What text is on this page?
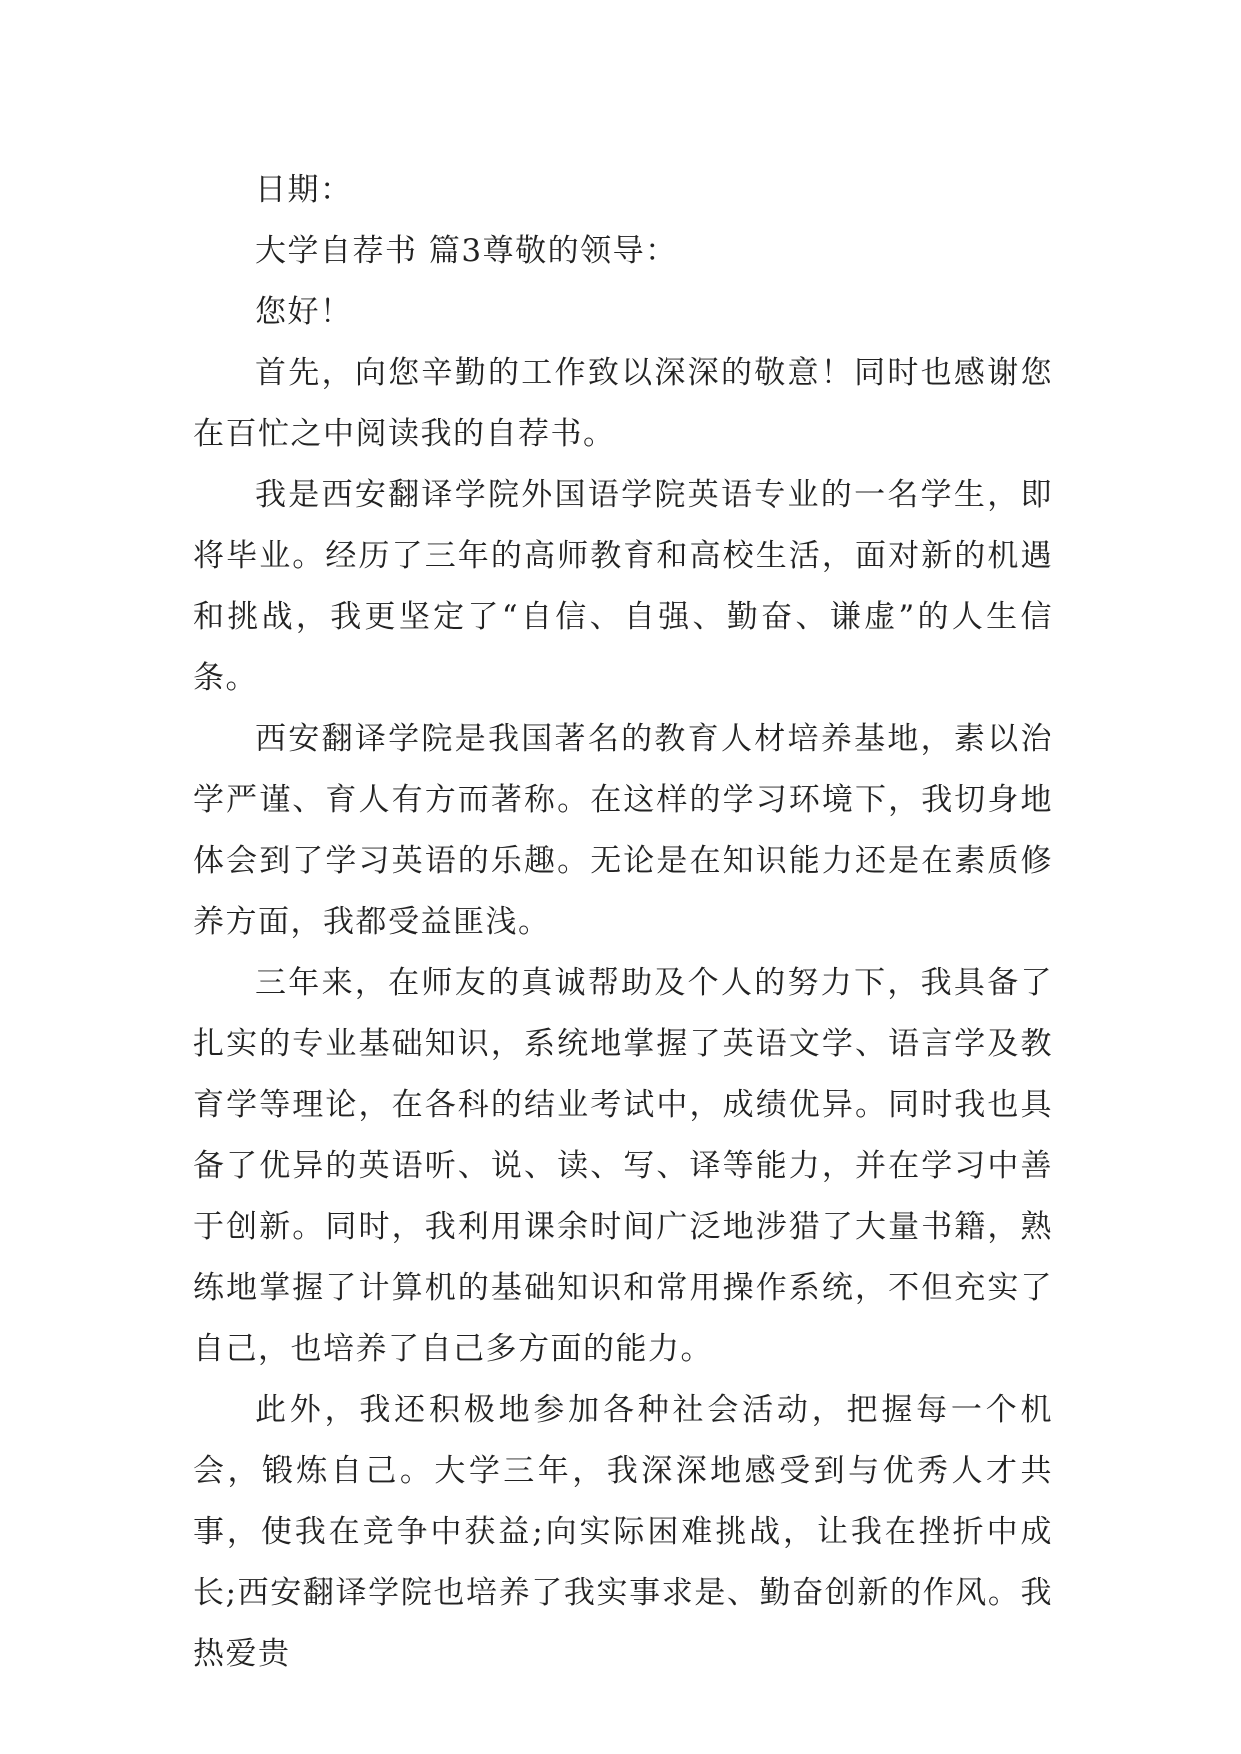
日期：

大学自荐书 篇3尊敬的领导：

您好！

首先，向您辛勤的工作致以深深的敬意！同时也感谢您在百忙之中阅读我的自荐书。

我是西安翻译学院外国语学院英语专业的一名学生，即将毕业。经历了三年的高师教育和高校生活，面对新的机遇和挑战，我更坚定了“自信、自强、勤奋、谦虚”的人生信条。

西安翻译学院是我国著名的教育人材培养基地，素以治学严谨、育人有方而著称。在这样的学习环境下，我切身地体会到了学习英语的乐趣。无论是在知识能力还是在素质修养方面，我都受益匪浅。

三年来，在师友的真诚帮助及个人的努力下，我具备了扎实的专业基础知识，系统地掌握了英语文学、语言学及教育学等理论，在各科的结业考试中，成绩优异。同时我也具备了优异的英语听、说、读、写、译等能力，并在学习中善于创新。同时，我利用课余时间广泛地涉猎了大量书籍，熟练地掌握了计算机的基础知识和常用操作系统，不但充实了自己，也培养了自己多方面的能力。

此外，我还积极地参加各种社会活动，把握每一个机会，锻炼自己。大学三年，我深深地感受到与优秀人才共事，使我在竞争中获益;向实际困难挑战，让我在挫折中成长;西安翻译学院也培养了我实事求是、勤奋创新的作风。我热爱贵
